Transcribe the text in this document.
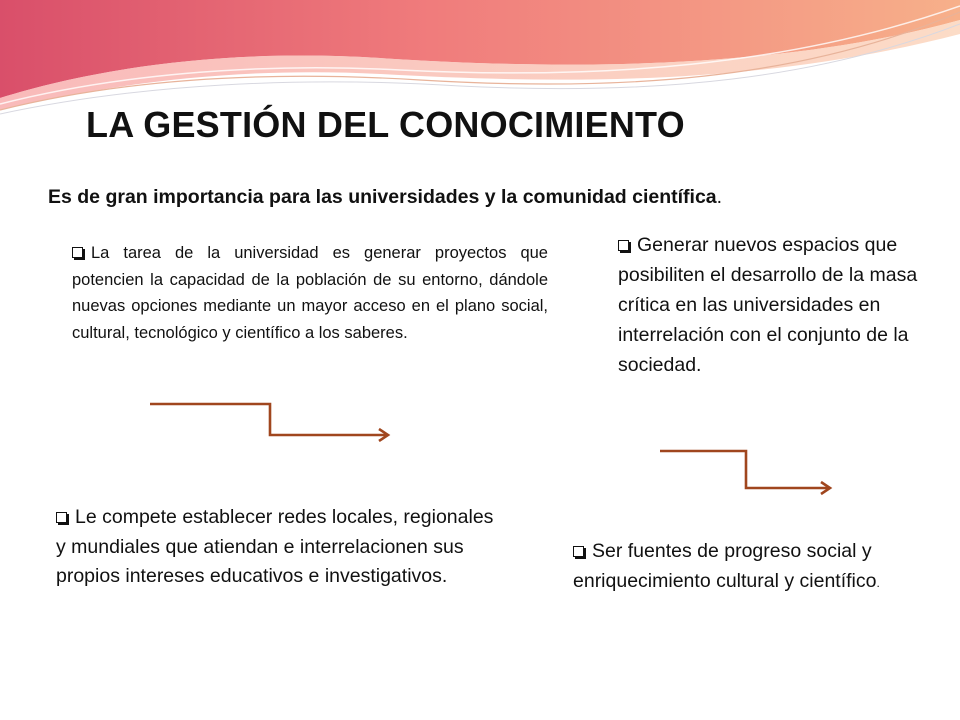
LA GESTIÓN DEL CONOCIMIENTO
Es de gran importancia para las universidades y la comunidad científica.
La tarea de la universidad es generar proyectos que potencien la capacidad de la población de su entorno, dándole nuevas opciones mediante un mayor acceso en el plano social, cultural, tecnológico y científico a los saberes.
Generar nuevos espacios que posibiliten el desarrollo de la masa crítica en las universidades en interrelación con el conjunto de la sociedad.
Le compete establecer redes locales, regionales y mundiales que atiendan e interrelacionen sus propios intereses educativos e investigativos.
Ser fuentes de progreso social y enriquecimiento cultural y científico.
